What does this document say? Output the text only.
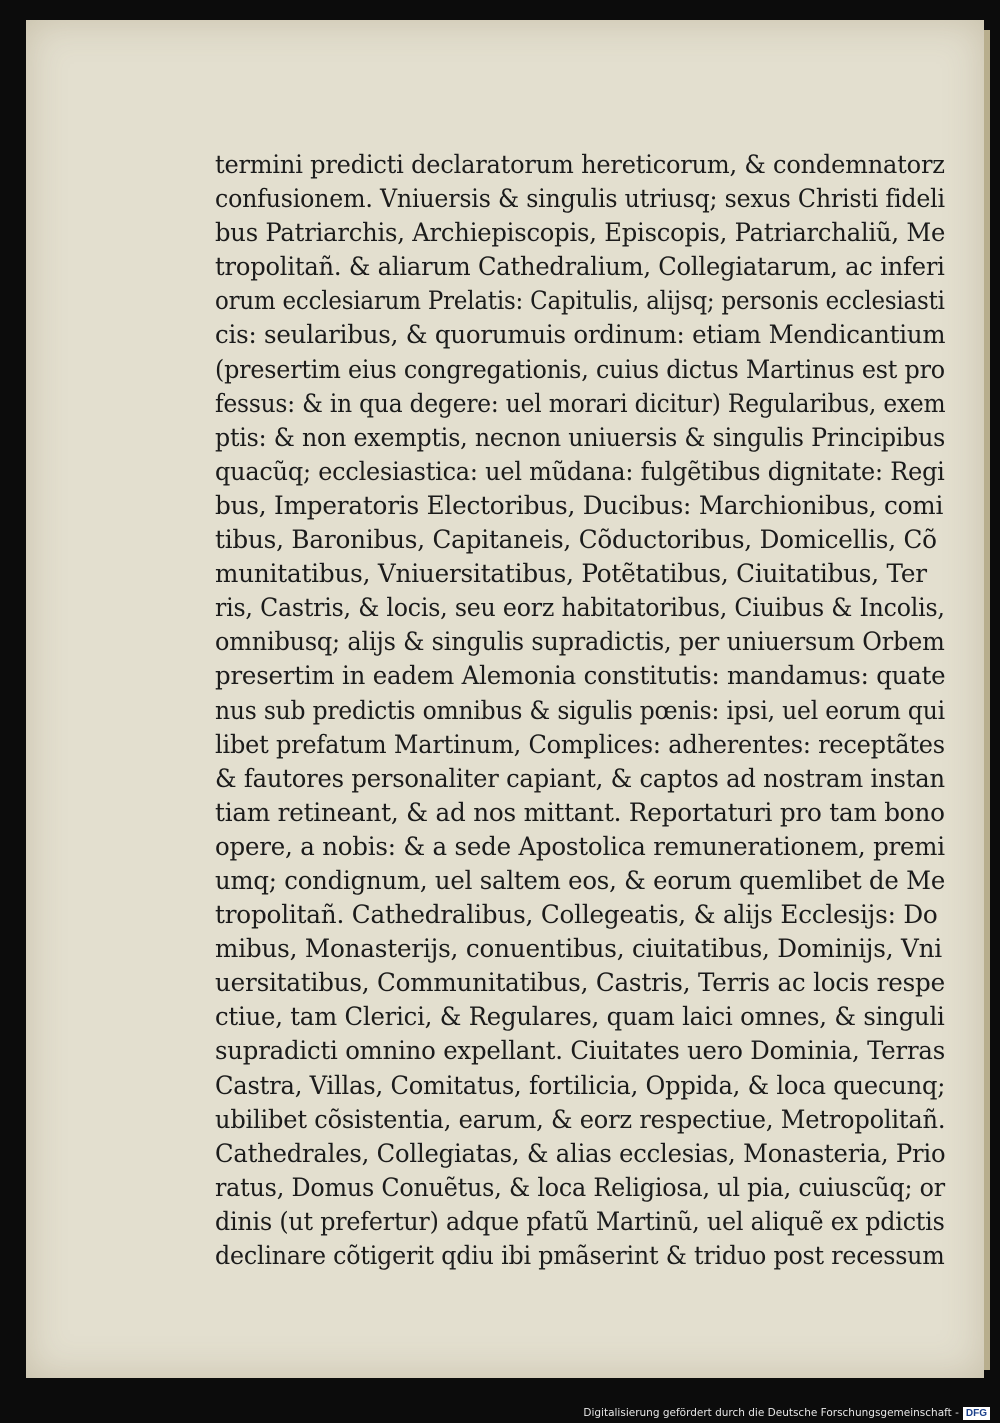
termini predicti declaratorum hereticorum, & condemnatorz
confusionem. Vniuersis & singulis utriusq; sexus Christi fideli
bus Patriarchis, Archiepiscopis, Episcopis, Patriarchaliũ, Me
tropolitañ. & aliarum Cathedralium, Collegiatarum, ac inferi
orum ecclesiarum Prelatis: Capitulis, alijsq; personis ecclesiasti
cis: seularibus, & quorumuis ordinum: etiam Mendicantium
(presertim eius congregationis, cuius dictus Martinus est pro
fessus: & in qua degere: uel morari dicitur) Regularibus, exem
ptis: & non exemptis, necnon uniuersis & singulis Principibus
quacũq; ecclesiastica: uel mũdana: fulgẽtibus dignitate: Regi
bus, Imperatoris Electoribus, Ducibus: Marchionibus, comi
tibus, Baronibus, Capitaneis, Cõductoribus, Domicellis, Cõ
munitatibus, Vniuersitatibus, Potẽtatibus, Ciuitatibus, Ter
ris, Castris, & locis, seu eorz habitatoribus, Ciuibus & Incolis,
omnibusq; alijs & singulis supradictis, per uniuersum Orbem
presertim in eadem Alemonia constitutis: mandamus: quate
nus sub predictis omnibus & sigulis pœnis: ipsi, uel eorum qui
libet prefatum Martinum, Complices: adherentes: receptãtes
& fautores personaliter capiant, & captos ad nostram instan
tiam retineant, & ad nos mittant. Reportaturi pro tam bono
opere, a nobis: & a sede Apostolica remunerationem, premi
umq; condignum, uel saltem eos, & eorum quemlibet de Me
tropolitañ. Cathedralibus, Collegeatis, & alijs Ecclesijs: Do
mibus, Monasterijs, conuentibus, ciuitatibus, Dominijs, Vni
uersitatibus, Communitatibus, Castris, Terris ac locis respe
ctiue, tam Clerici, & Regulares, quam laici omnes, & singuli
supradicti omnino expellant. Ciuitates uero Dominia, Terras
Castra, Villas, Comitatus, fortilicia, Oppida, & loca quecunq;
ubilibet cõsistentia, earum, & eorz respectiue, Metropolitañ.
Cathedrales, Collegiatas, & alias ecclesias, Monasteria, Prio
ratus, Domus Conuẽtus, & loca Religiosa, ul pia, cuiuscũq; or
dinis (ut prefertur) adque pfatũ Martinũ, uel aliquẽ ex pdictis
declinare cõtigerit qdiu ibi pmãserint & triduo post recessum
Digitalisierung gefördert durch die Deutsche Forschungsgemeinschaft - DFG
